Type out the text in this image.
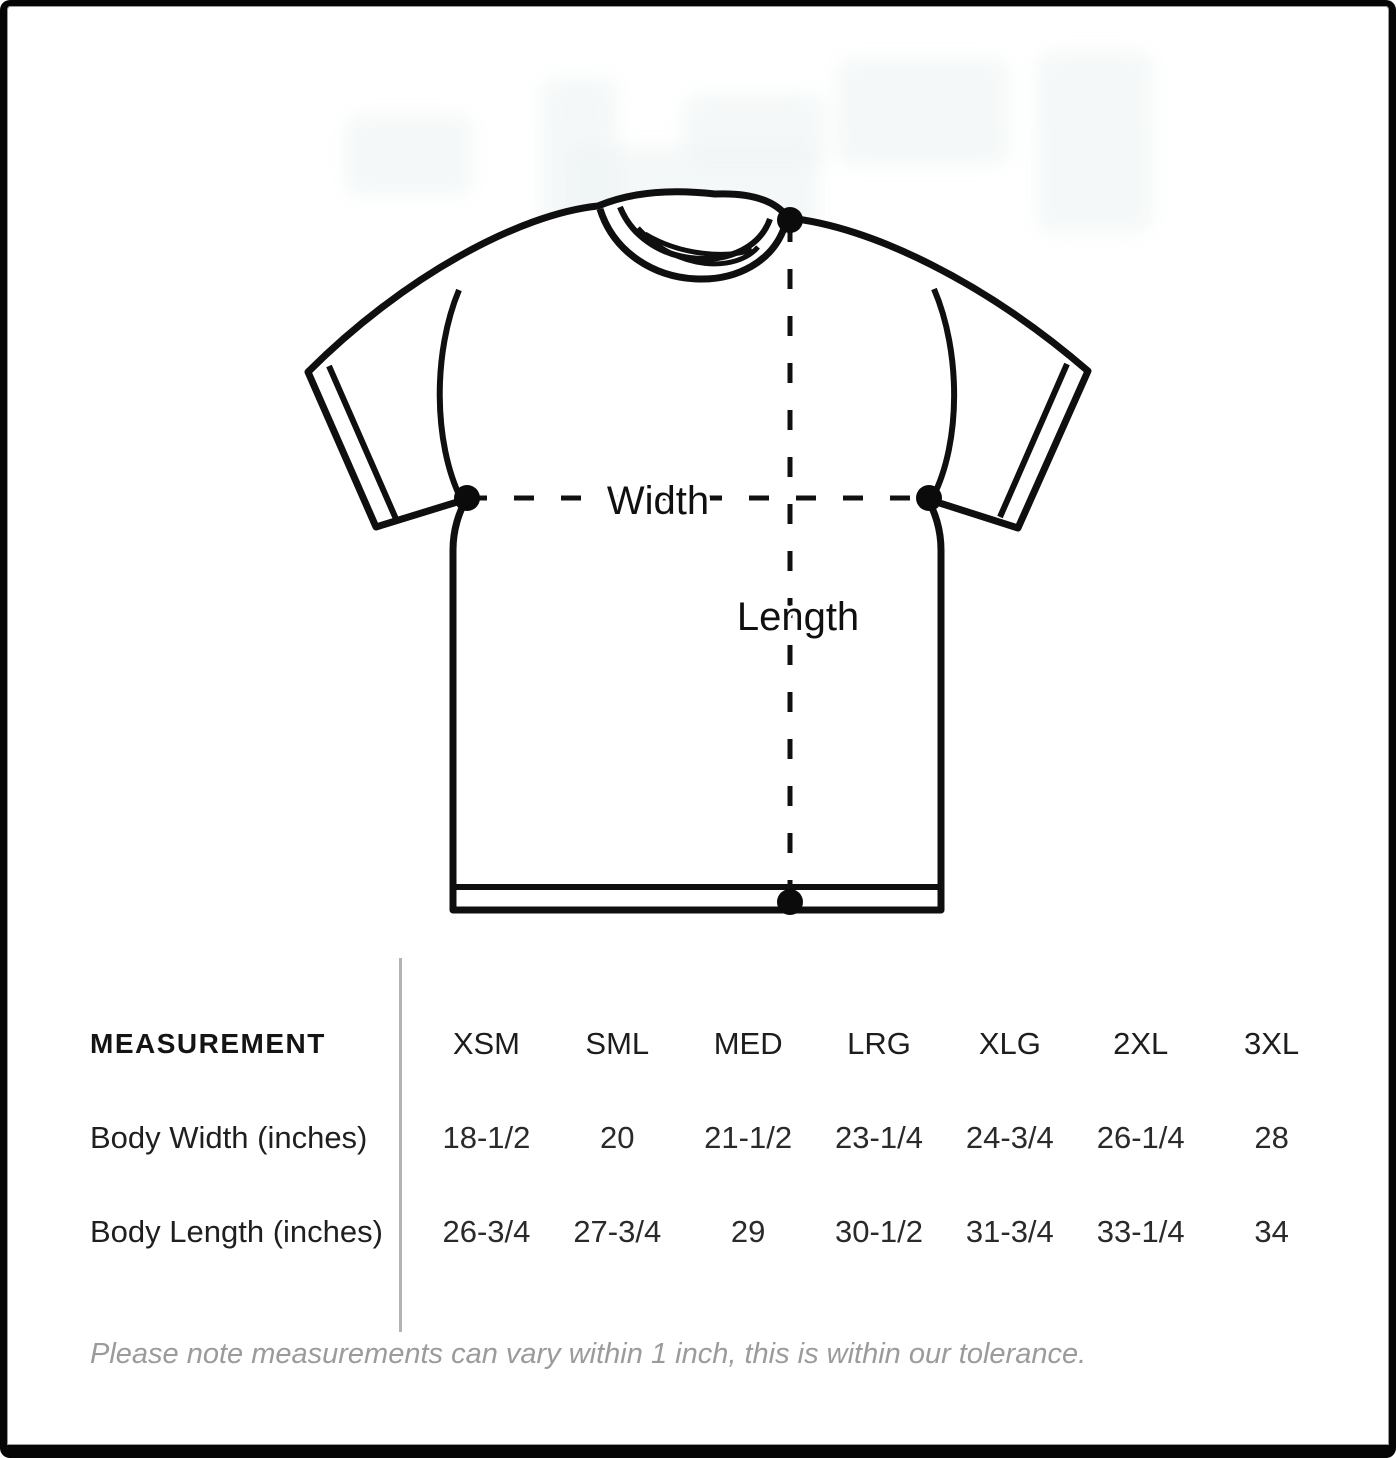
Width
Length
MEASUREMENT	XSM	SML	MED	LRG	XLG	2XL	3XL
Body Width (inches)	18-1/2	20	21-1/2	23-1/4	24-3/4	26-1/4	28
Body Length (inches)	26-3/4	27-3/4	29	30-1/2	31-3/4	33-1/4	34
Please note measurements can vary within 1 inch, this is within our tolerance.
